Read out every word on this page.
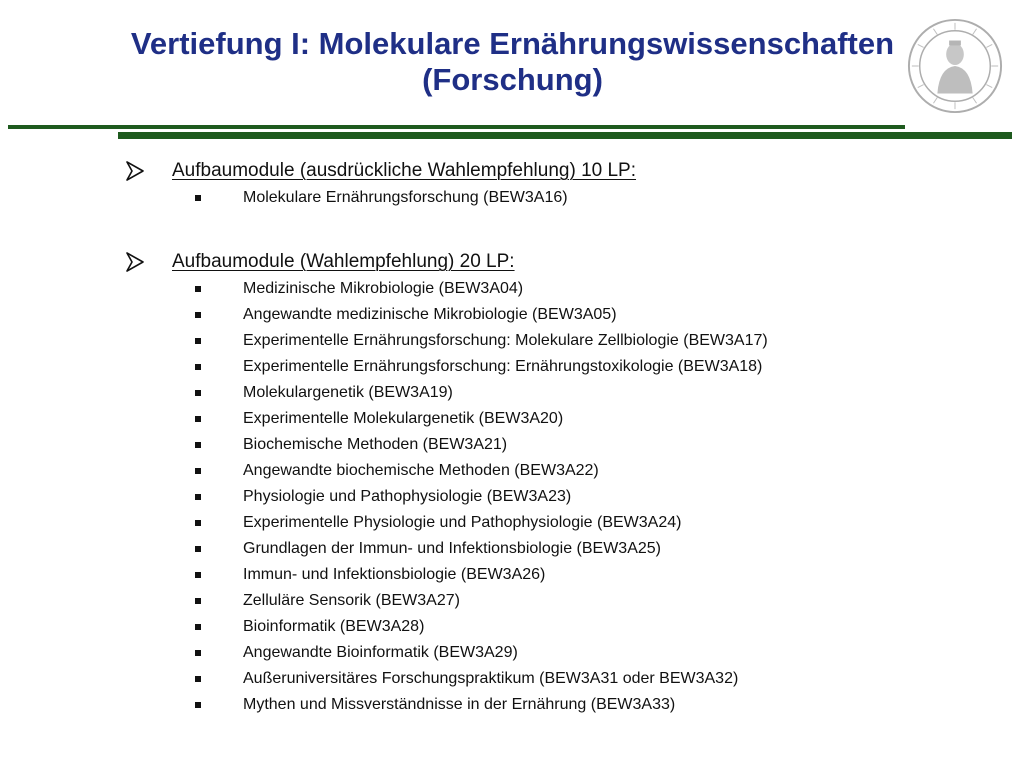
Vertiefung I: Molekulare Ernährungswissenschaften
(Forschung)
Aufbaumodule (ausdrückliche Wahlempfehlung) 10 LP:
Molekulare Ernährungsforschung (BEW3A16)
Aufbaumodule (Wahlempfehlung) 20 LP:
Medizinische Mikrobiologie (BEW3A04)
Angewandte medizinische Mikrobiologie (BEW3A05)
Experimentelle Ernährungsforschung: Molekulare Zellbiologie (BEW3A17)
Experimentelle Ernährungsforschung: Ernährungstoxikologie (BEW3A18)
Molekulargenetik (BEW3A19)
Experimentelle Molekulargenetik (BEW3A20)
Biochemische Methoden (BEW3A21)
Angewandte biochemische Methoden (BEW3A22)
Physiologie und Pathophysiologie (BEW3A23)
Experimentelle Physiologie und Pathophysiologie (BEW3A24)
Grundlagen der Immun- und Infektionsbiologie (BEW3A25)
Immun- und Infektionsbiologie (BEW3A26)
Zelluläre Sensorik (BEW3A27)
Bioinformatik (BEW3A28)
Angewandte Bioinformatik (BEW3A29)
Außeruniversitäres Forschungspraktikum (BEW3A31 oder BEW3A32)
Mythen und Missverständnisse in der Ernährung (BEW3A33)
